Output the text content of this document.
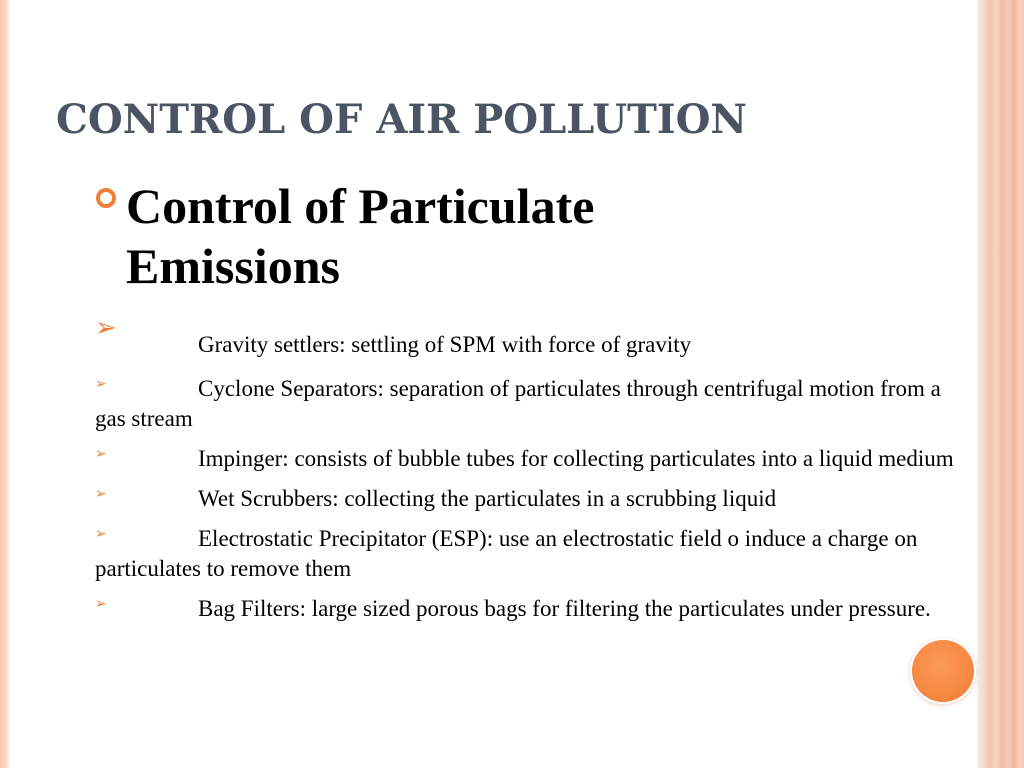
CONTROL OF AIR POLLUTION
Control of Particulate Emissions
➢Gravity settlers: settling of SPM with force of gravity
➢	Cyclone Separators: separation of particulates through centrifugal motion from a gas stream
➢	Impinger: consists of bubble tubes for collecting particulates into a liquid medium
➢	Wet Scrubbers: collecting the particulates in a scrubbing liquid
➢	Electrostatic Precipitator (ESP): use an electrostatic field o induce a charge on particulates to remove them
➢	Bag Filters: large sized porous bags for filtering the particulates under pressure.
